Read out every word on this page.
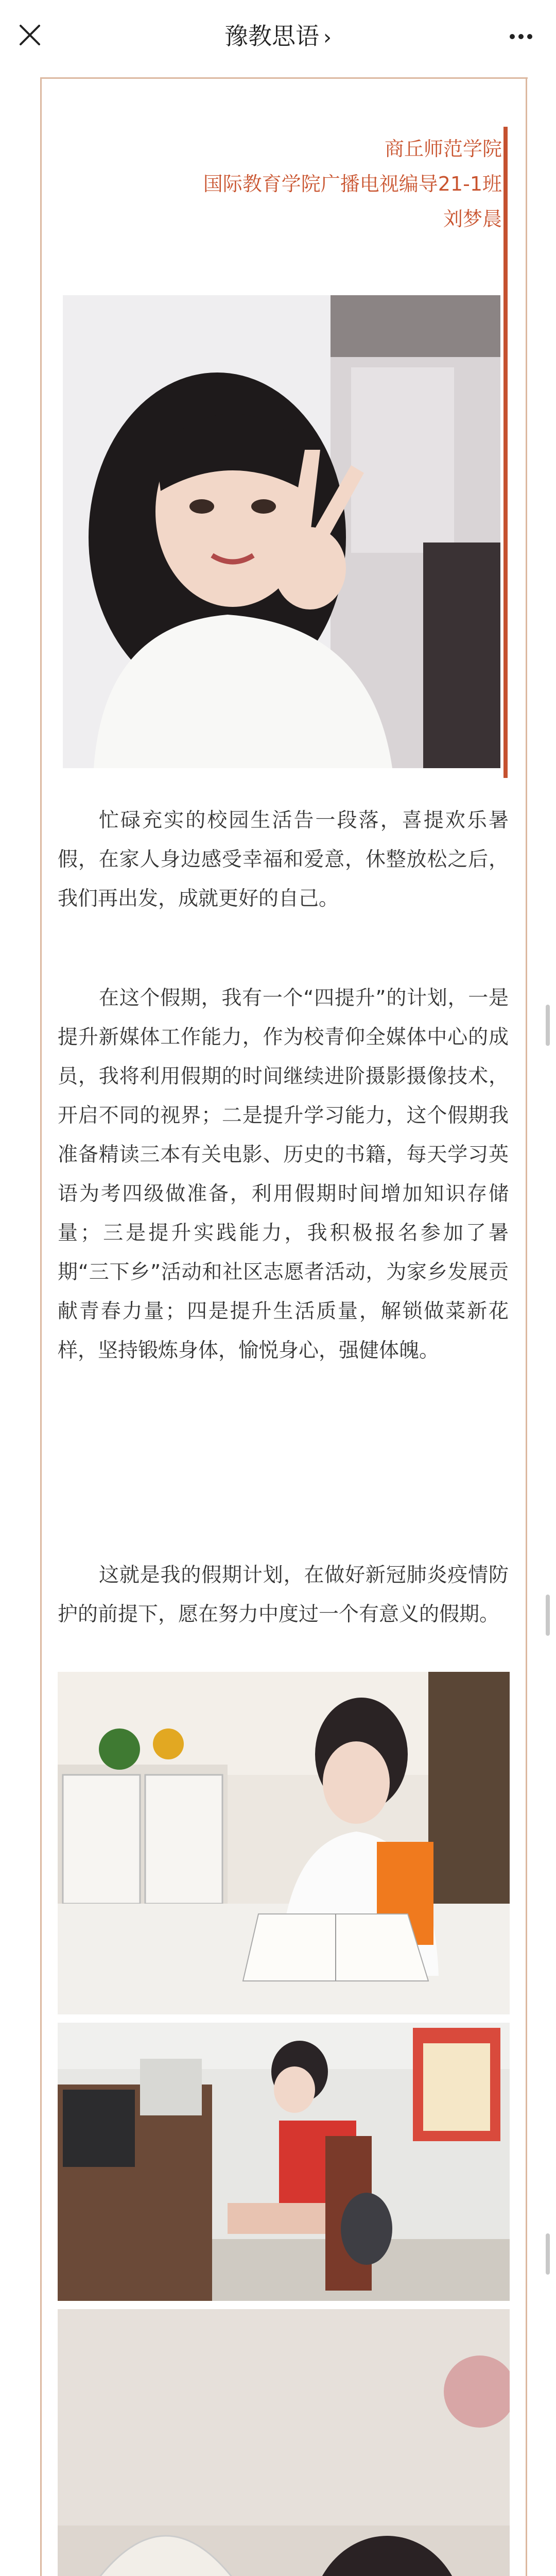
豫教思语 ›
商丘师范学院
国际教育学院广播电视编导21-1班
刘梦晨
忙碌充实的校园生活告一段落，喜提欢乐暑假，在家人身边感受幸福和爱意，休整放松之后，我们再出发，成就更好的自己。
在这个假期，我有一个“四提升”的计划，一是提升新媒体工作能力，作为校青仰全媒体中心的成员，我将利用假期的时间继续进阶摄影摄像技术，开启不同的视界；二是提升学习能力，这个假期我准备精读三本有关电影、历史的书籍，每天学习英语为考四级做准备，利用假期时间增加知识存储量；三是提升实践能力，我积极报名参加了暑期“三下乡”活动和社区志愿者活动，为家乡发展贡献青春力量；四是提升生活质量，解锁做菜新花样，坚持锻炼身体，愉悦身心，强健体魄。
这就是我的假期计划，在做好新冠肺炎疫情防护的前提下，愿在努力中度过一个有意义的假期。
